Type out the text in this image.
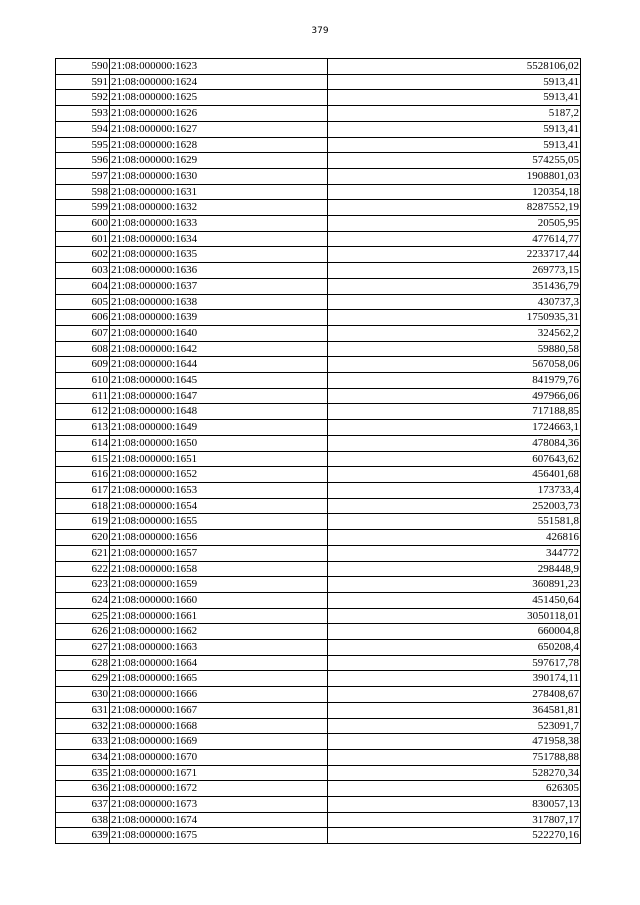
379
590	21:08:000000:1623	5528106,02
591	21:08:000000:1624	5913,41
592	21:08:000000:1625	5913,41
593	21:08:000000:1626	5187,2
594	21:08:000000:1627	5913,41
595	21:08:000000:1628	5913,41
596	21:08:000000:1629	574255,05
597	21:08:000000:1630	1908801,03
598	21:08:000000:1631	120354,18
599	21:08:000000:1632	8287552,19
600	21:08:000000:1633	20505,95
601	21:08:000000:1634	477614,77
602	21:08:000000:1635	2233717,44
603	21:08:000000:1636	269773,15
604	21:08:000000:1637	351436,79
605	21:08:000000:1638	430737,3
606	21:08:000000:1639	1750935,31
607	21:08:000000:1640	324562,2
608	21:08:000000:1642	59880,58
609	21:08:000000:1644	567058,06
610	21:08:000000:1645	841979,76
611	21:08:000000:1647	497966,06
612	21:08:000000:1648	717188,85
613	21:08:000000:1649	1724663,1
614	21:08:000000:1650	478084,36
615	21:08:000000:1651	607643,62
616	21:08:000000:1652	456401,68
617	21:08:000000:1653	173733,4
618	21:08:000000:1654	252003,73
619	21:08:000000:1655	551581,8
620	21:08:000000:1656	426816
621	21:08:000000:1657	344772
622	21:08:000000:1658	298448,9
623	21:08:000000:1659	360891,23
624	21:08:000000:1660	451450,64
625	21:08:000000:1661	3050118,01
626	21:08:000000:1662	660004,8
627	21:08:000000:1663	650208,4
628	21:08:000000:1664	597617,78
629	21:08:000000:1665	390174,11
630	21:08:000000:1666	278408,67
631	21:08:000000:1667	364581,81
632	21:08:000000:1668	523091,7
633	21:08:000000:1669	471958,38
634	21:08:000000:1670	751788,88
635	21:08:000000:1671	528270,34
636	21:08:000000:1672	626305
637	21:08:000000:1673	830057,13
638	21:08:000000:1674	317807,17
639	21:08:000000:1675	522270,16
